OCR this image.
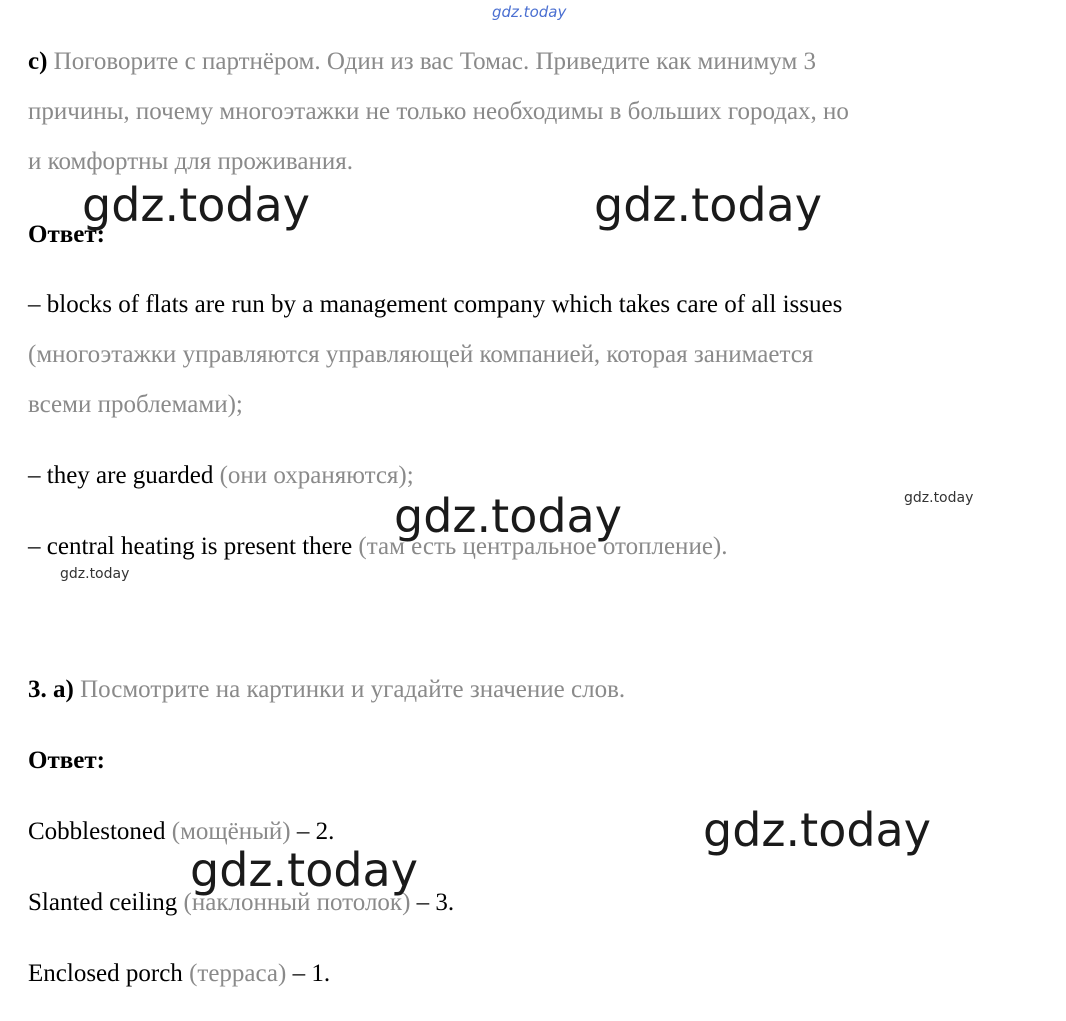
gdz.today
c) Поговорите с партнёром. Один из вас Томас. Приведите как минимум 3
причины, почему многоэтажки не только необходимы в больших городах, но
и комфортны для проживания.
Ответ:
– blocks of flats are run by a management company which takes care of all issues
(многоэтажки управляются управляющей компанией, которая занимается
всеми проблемами);
– they are guarded (они охраняются);
– central heating is present there (там есть центральное отопление).
3. а) Посмотрите на картинки и угадайте значение слов.
Ответ:
Cobblestoned (мощёный) – 2.
Slanted ceiling (наклонный потолок) – 3.
Enclosed porch (терраса) – 1.
gdz.today	gdz.today
gdz.today
gdz.today
gdz.today
gdz.today
gdz.today
